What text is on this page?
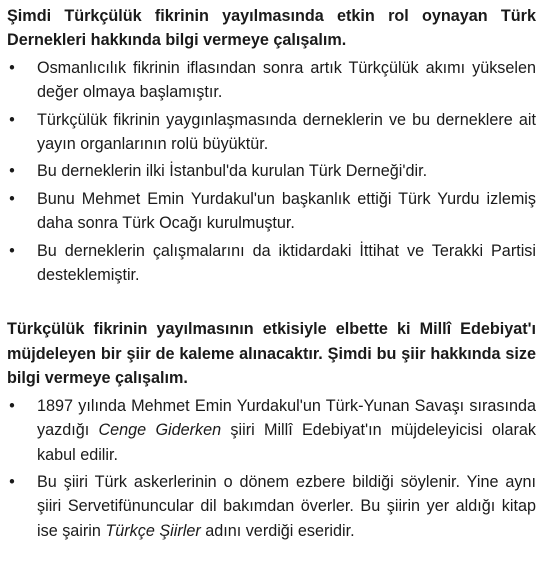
Şimdi Türkçülük fikrinin yayılmasında etkin rol oynayan Türk Dernekleri hakkında bilgi vermeye çalışalım.

• Osmanlıcılık fikrinin iflasından sonra artık Türkçülük akımı yükselen değer olmaya başlamıştır.
• Türkçülük fikrinin yaygınlaşmasında derneklerin ve bu derneklere ait yayın organlarının rolü büyüktür.
• Bu derneklerin ilki İstanbul'da kurulan Türk Derneği'dir.
• Bunu Mehmet Emin Yurdakul'un başkanlık ettiği Türk Yurdu izlemiş daha sonra Türk Ocağı kurulmuştur.
• Bu derneklerin çalışmalarını da iktidardaki İttihat ve Terakki Partisi desteklemiştir.

Türkçülük fikrinin yayılmasının etkisiyle elbette ki Millî Edebiyat'ı müjdeleyen bir şiir de kaleme alınacaktır. Şimdi bu şiir hakkında size bilgi vermeye çalışalım.

• 1897 yılında Mehmet Emin Yurdakul'un Türk-Yunan Savaşı sırasında yazdığı Cenge Giderken şiiri Millî Edebiyat'ın müjdeleyicisi olarak kabul edilir.
• Bu şiiri Türk askerlerinin o dönem ezbere bildiği söylenir. Yine aynı şiiri Servetifünuncular dil bakımdan överler. Bu şiirin yer aldığı kitap ise şairin Türkçe Şiirler adını verdiği eseridir.
